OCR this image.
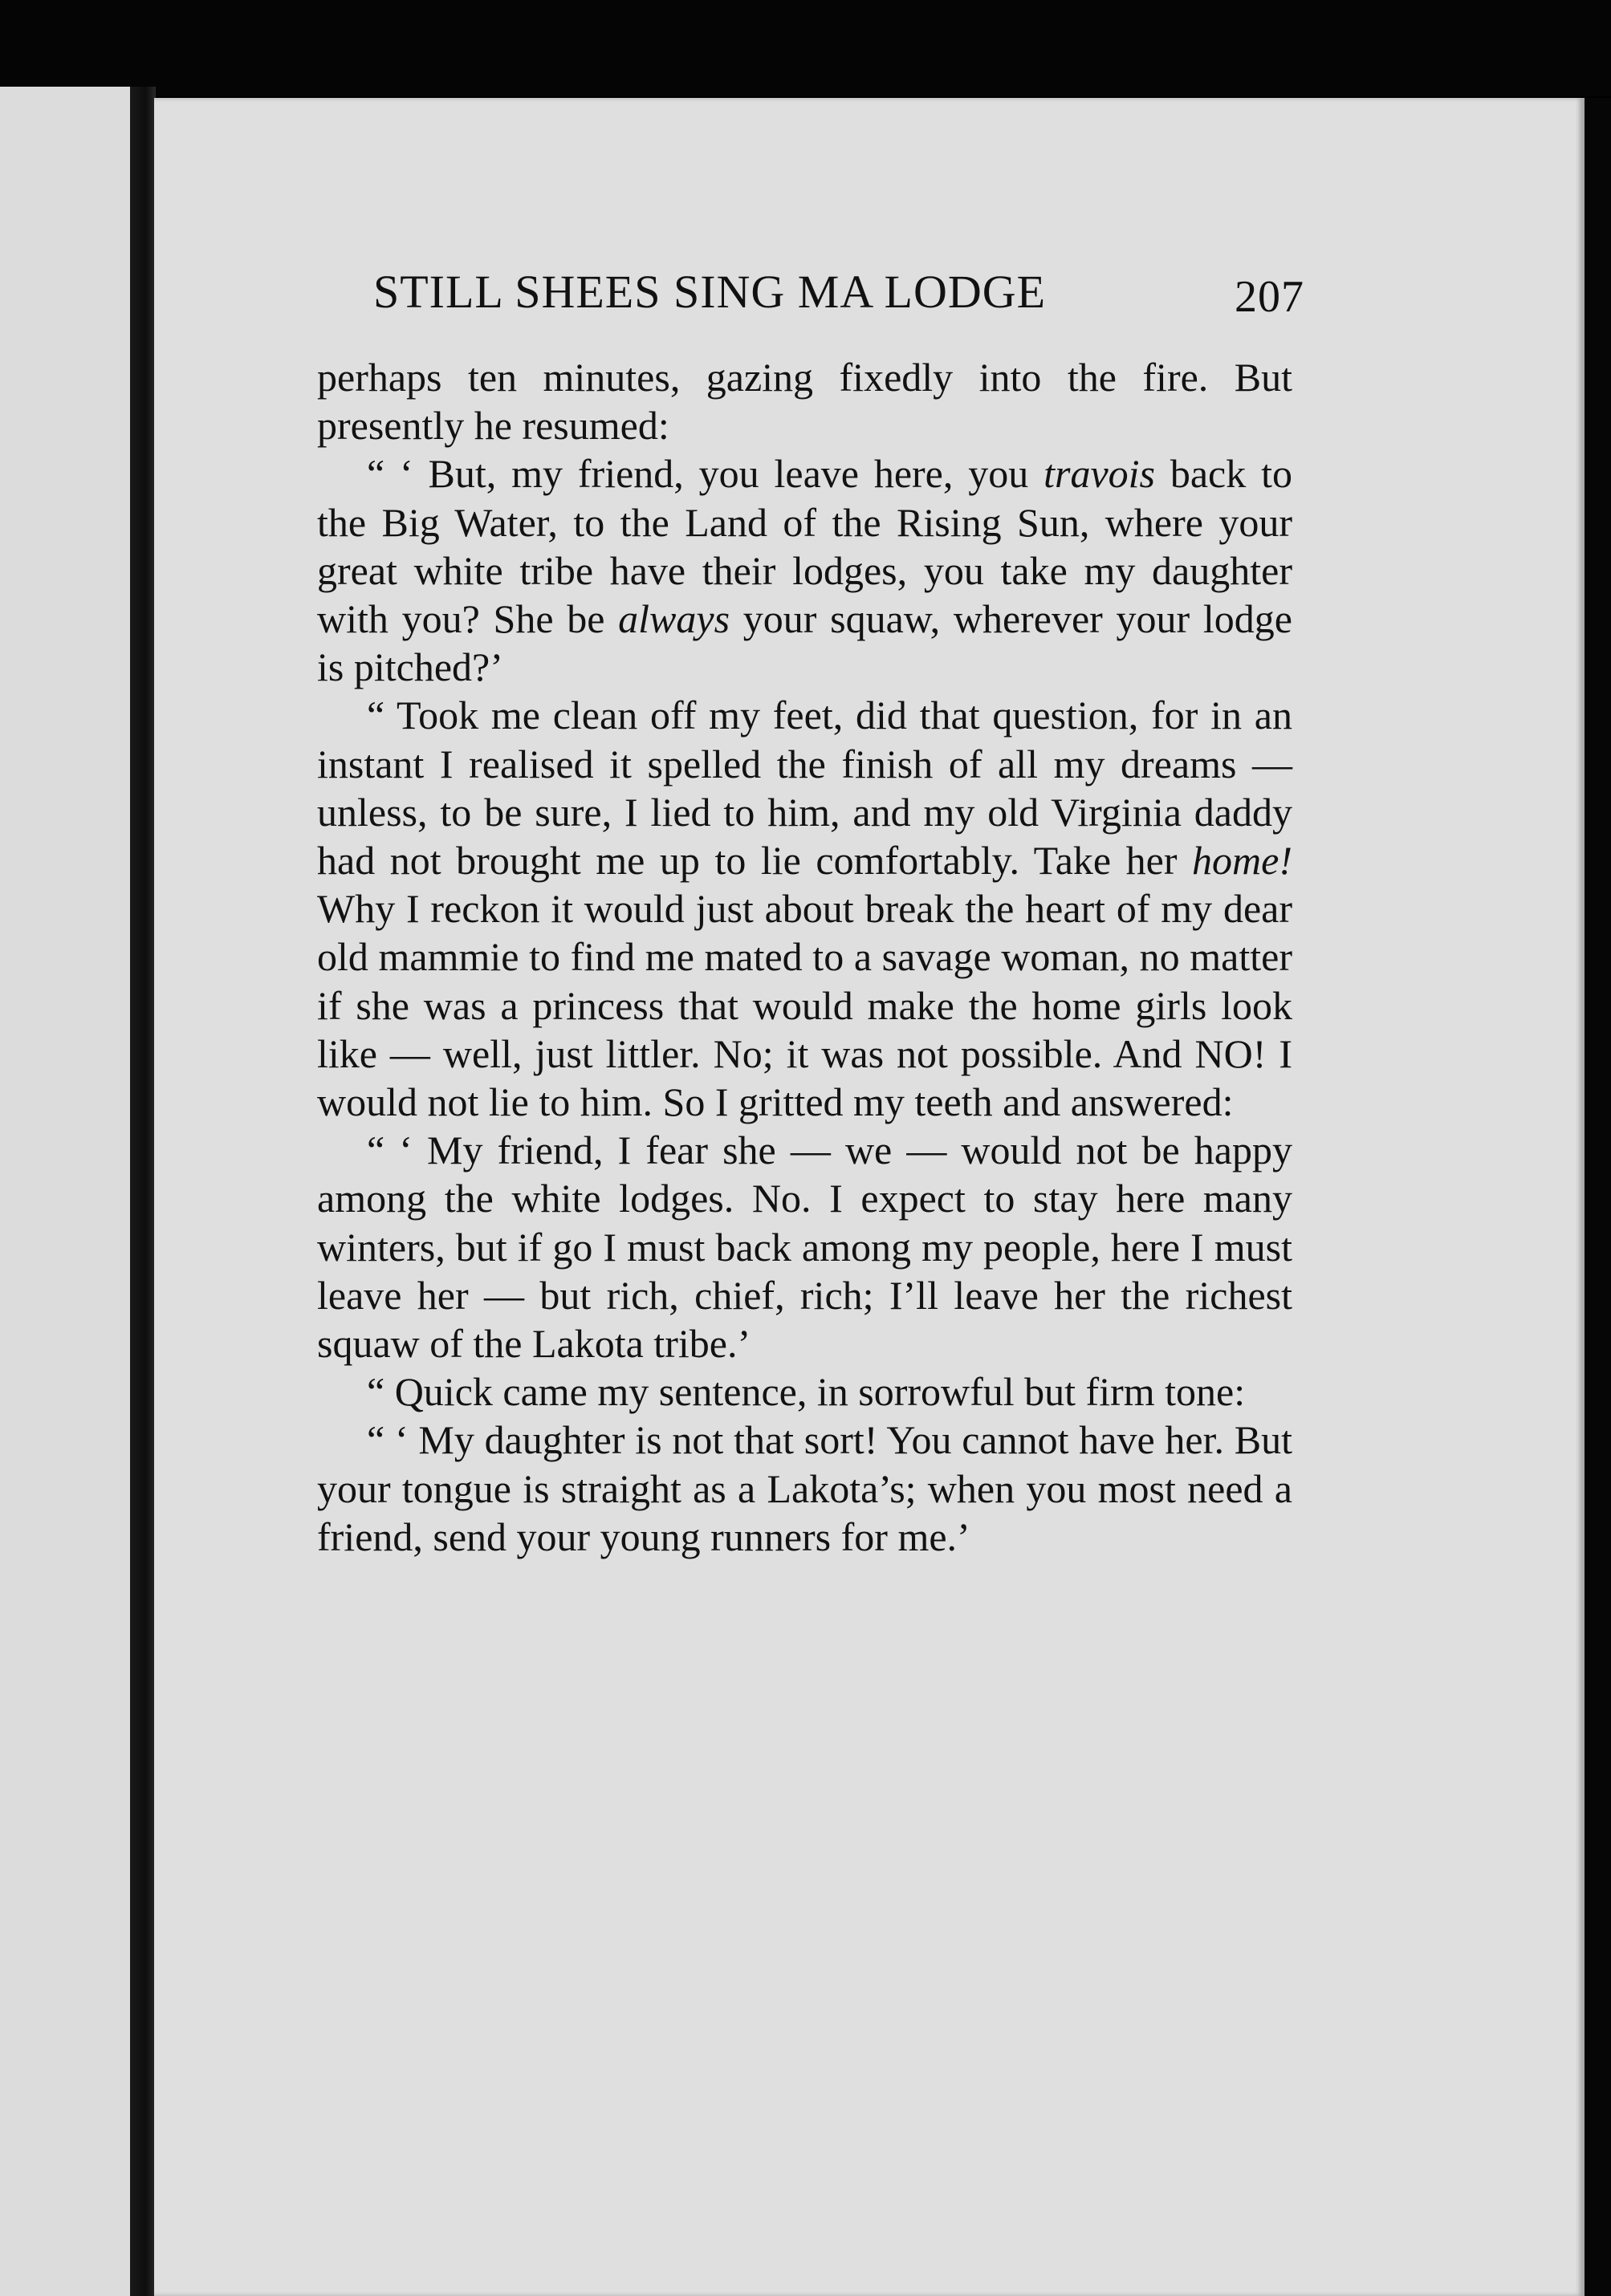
STILL SHEES SING MA LODGE	207

perhaps ten minutes, gazing fixedly into the fire. But presently he resumed:

“ ‘ But, my friend, you leave here, you travois back to the Big Water, to the Land of the Rising Sun, where your great white tribe have their lodges, you take my daughter with you? She be always your squaw, wherever your lodge is pitched?’

“ Took me clean off my feet, did that question, for in an instant I realised it spelled the finish of all my dreams — unless, to be sure, I lied to him, and my old Virginia daddy had not brought me up to lie comfortably. Take her home! Why I reckon it would just about break the heart of my dear old mammie to find me mated to a savage woman, no matter if she was a princess that would make the home girls look like — well, just littler. No; it was not possible. And NO! I would not lie to him. So I gritted my teeth and answered:

“ ‘ My friend, I fear she — we — would not be happy among the white lodges. No. I expect to stay here many winters, but if go I must back among my people, here I must leave her — but rich, chief, rich; I’ll leave her the richest squaw of the Lakota tribe.’

“ Quick came my sentence, in sorrowful but firm tone:

“ ‘ My daughter is not that sort! You cannot have her. But your tongue is straight as a Lakota’s; when you most need a friend, send your young runners for me.’
